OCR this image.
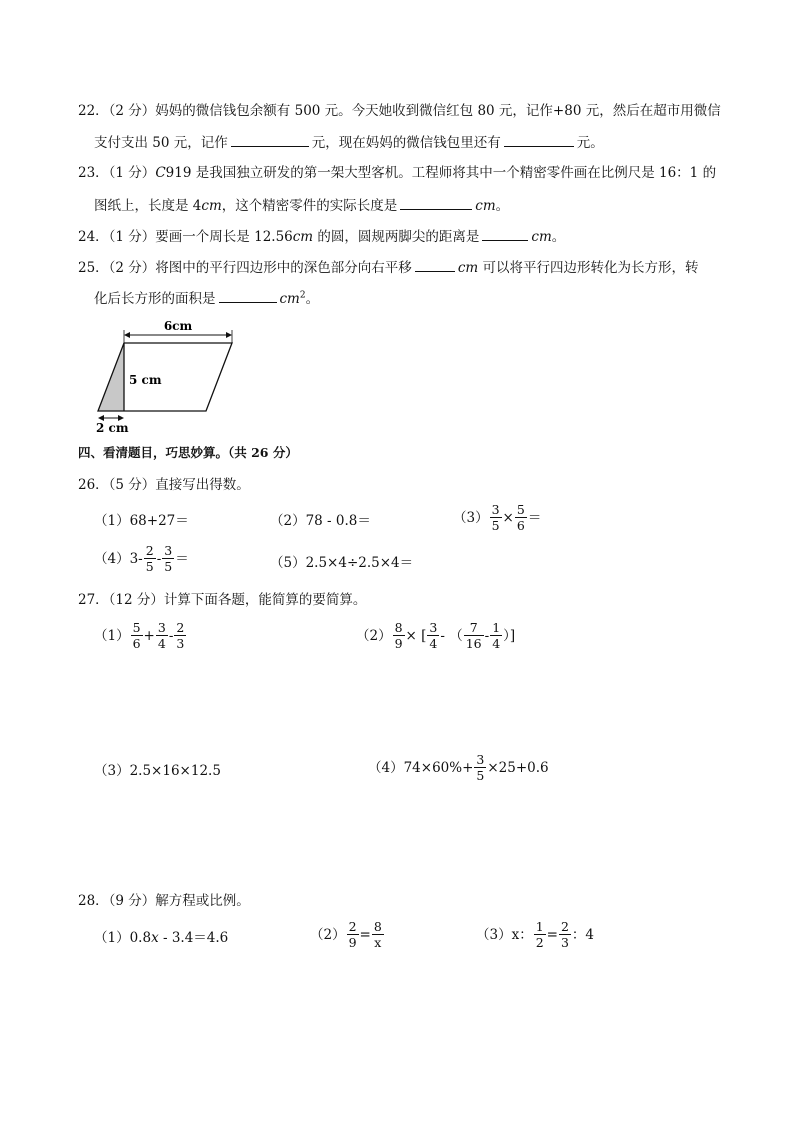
22．（2 分）妈妈的微信钱包余额有 500 元。今天她收到微信红包 80 元，记作+80 元，然后在超市用微信
支付支出 50 元，记作	元，现在妈妈的微信钱包里还有	元。
23．（1 分）C919 是我国独立研发的第一架大型客机。工程师将其中一个精密零件画在比例尺是 16：1 的
图纸上，长度是 4cm，这个精密零件的实际长度是	cm。
24．（1 分）要画一个周长是 12.56cm 的圆，圆规两脚尖的距离是	cm。
25．（2 分）将图中的平行四边形中的深色部分向右平移	cm 可以将平行四边形转化为长方形，转
化后长方形的面积是	$cm^2$。
6cm
5 cm
2 cm
四、看清题目，巧思妙算。（共 26 分）
26．（5 分）直接写出得数。
（1）68+27＝	（2）78 - 0.8＝	$(3) \frac{3}{5} \times \frac{5}{6}$ ＝
$(4)3- \frac{2}{5} - \frac{3}{5}$ ＝	（5）2.5×4÷2.5×4＝
27．（12 分）计算下面各题，能简算的要简算。
$(1) \frac{5}{6} + \frac{3}{4} - \frac{2}{3}$	$(2) \frac{8}{9}$ × [ $\frac{3}{4}$ - （ $\frac{7}{16} - \frac{1}{4}$ ）]
（3）2.5×16×12.5	$(4)74\times 60\%+ \frac{3}{5} \times 25+0.6$
28．（9 分）解方程或比例。
（1）0.8x - 3.4＝4.6	$(2) \frac{2}{9} = \frac{8}{x}$	（3）x： $\frac{1}{2} = \frac{2}{3}$ ：4
